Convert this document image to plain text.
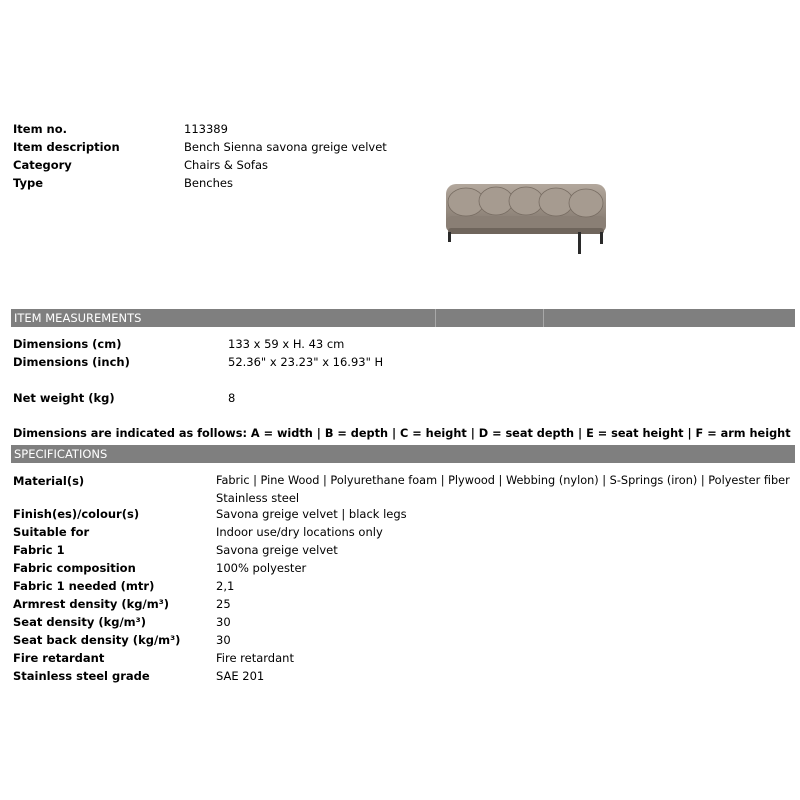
Item no.	113389
Item description	Bench Sienna savona greige velvet
Category	Chairs & Sofas
Type	Benches
ITEM MEASUREMENTS
Dimensions (cm)	133 x 59 x H. 43 cm
Dimensions (inch)	52.36" x 23.23" x 16.93" H
Net weight (kg)	8
Dimensions are indicated as follows: A = width | B = depth | C = height | D = seat depth | E = seat height | F = arm height
SPECIFICATIONS
Material(s)	Fabric | Pine Wood | Polyurethane foam | Plywood | Webbing (nylon) | S-Springs (iron) | Polyester fiber
Stainless steel
Finish(es)/colour(s)	Savona greige velvet | black legs
Suitable for	Indoor use/dry locations only
Fabric 1	Savona greige velvet
Fabric composition	100% polyester
Fabric 1 needed (mtr)	2,1
Armrest density (kg/m³)	25
Seat density (kg/m³)	30
Seat back density (kg/m³)	30
Fire retardant	Fire retardant
Stainless steel grade	SAE 201
